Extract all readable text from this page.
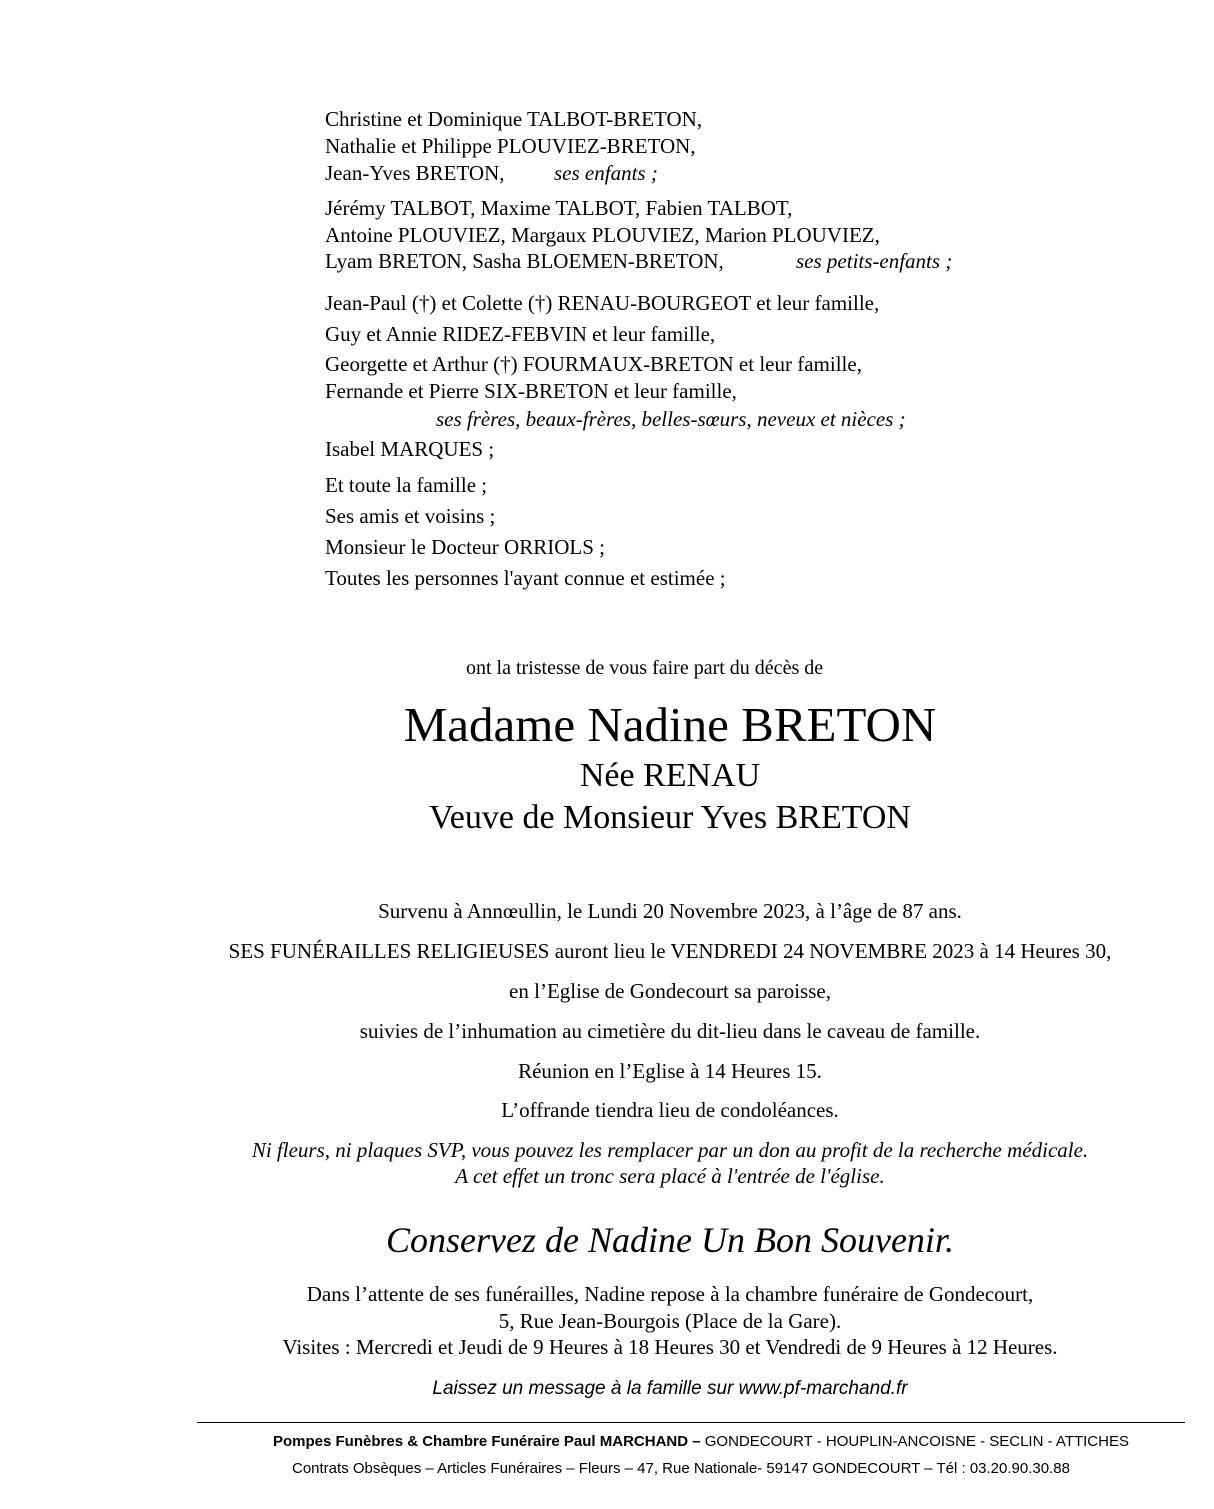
Christine et Dominique TALBOT-BRETON,
Nathalie et Philippe PLOUVIEZ-BRETON,
Jean-Yves BRETON, ses enfants ;
Jérémy TALBOT, Maxime TALBOT, Fabien TALBOT,
Antoine PLOUVIEZ, Margaux PLOUVIEZ, Marion PLOUVIEZ,
Lyam BRETON, Sasha BLOEMEN-BRETON,	ses petits-enfants ;
Jean-Paul (†) et Colette (†) RENAU-BOURGEOT et leur famille,
Guy et Annie RIDEZ-FEBVIN et leur famille,
Georgette et Arthur (†) FOURMAUX-BRETON et leur famille,
Fernande et Pierre SIX-BRETON et leur famille,
ses frères, beaux-frères, belles-sœurs, neveux et nièces ;
Isabel MARQUES ;
Et toute la famille ;
Ses amis et voisins ;
Monsieur le Docteur ORRIOLS ;
Toutes les personnes l'ayant connue et estimée ;
ont la tristesse de vous faire part du décès de
Madame Nadine BRETON
Née RENAU
Veuve de Monsieur Yves BRETON
Survenu à Annœullin, le Lundi 20 Novembre 2023, à l’âge de 87 ans.
SES FUNÉRAILLES RELIGIEUSES auront lieu le VENDREDI 24 NOVEMBRE 2023 à 14 Heures 30,
en l’Eglise de Gondecourt sa paroisse,
suivies de l’inhumation au cimetière du dit-lieu dans le caveau de famille.
Réunion en l’Eglise à 14 Heures 15.
L’offrande tiendra lieu de condoléances.
Ni fleurs, ni plaques SVP, vous pouvez les remplacer par un don au profit de la recherche médicale.
A cet effet un tronc sera placé à l'entrée de l'église.
Conservez de Nadine Un Bon Souvenir.
Dans l’attente de ses funérailles, Nadine repose à la chambre funéraire de Gondecourt,
5, Rue Jean-Bourgois (Place de la Gare).
Visites : Mercredi et Jeudi de 9 Heures à 18 Heures 30 et Vendredi de 9 Heures à 12 Heures.
Laissez un message à la famille sur www.pf-marchand.fr
Pompes Funèbres & Chambre Funéraire Paul MARCHAND – GONDECOURT - HOUPLIN-ANCOISNE - SECLIN - ATTICHES
Contrats Obsèques – Articles Funéraires – Fleurs – 47, Rue Nationale- 59147 GONDECOURT – Tél : 03.20.90.30.88
